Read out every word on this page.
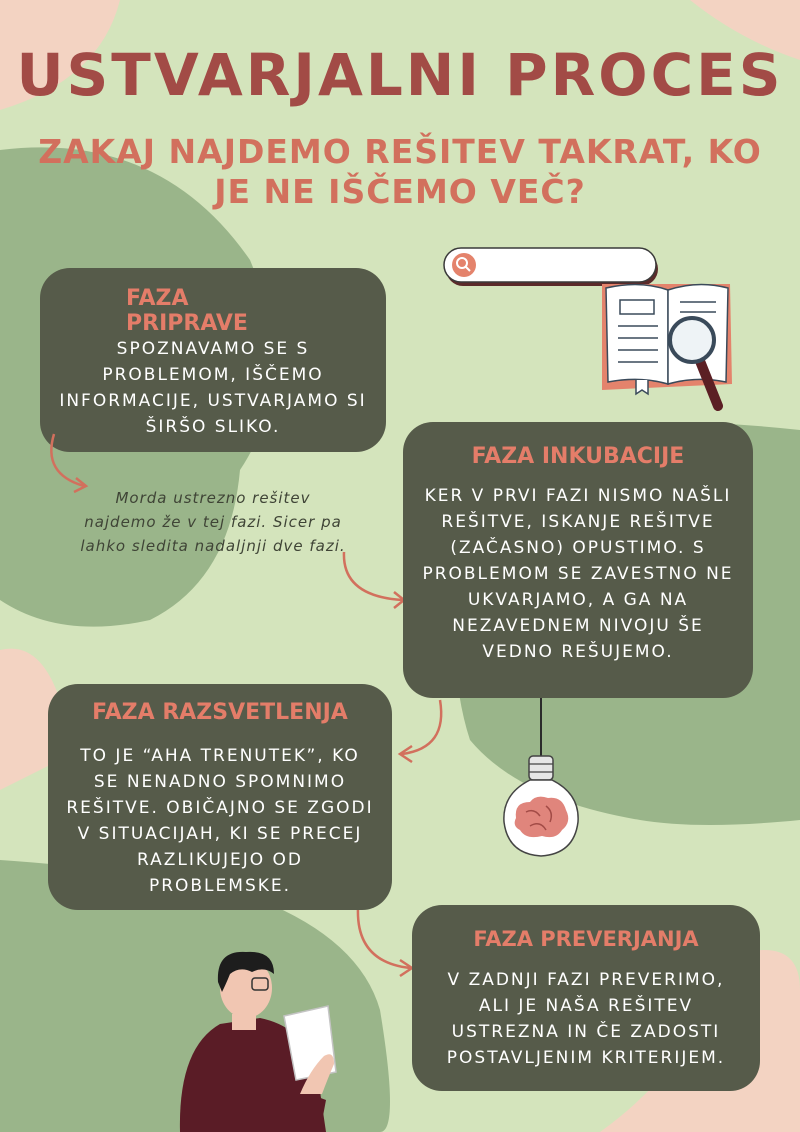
USTVARJALNI PROCES
ZAKAJ NAJDEMO REŠITEV TAKRAT, KO
JE NE IŠČEMO VEČ?
FAZA
PRIPRAVE
SPOZNAVAMO SE S PROBLEMOM, IŠČEMO INFORMACIJE, USTVARJAMO SI ŠIRŠO SLIKO.
Morda ustrezno rešitev
najdemo že v tej fazi. Sicer pa
lahko sledita nadaljnji dve fazi.
FAZA INKUBACIJE
KER V PRVI FAZI NISMO NAŠLI REŠITVE, ISKANJE REŠITVE (ZAČASNO) OPUSTIMO. S PROBLEMOM SE ZAVESTNO NE UKVARJAMO, A GA NA NEZAVEDNEM NIVOJU ŠE VEDNO REŠUJEMO.
FAZA RAZSVETLENJA
TO JE “AHA TRENUTEK”, KO SE NENADNO SPOMNIMO REŠITVE. OBIČAJNO SE ZGODI V SITUACIJAH, KI SE PRECEJ RAZLIKUJEJO OD PROBLEMSKE.
FAZA PREVERJANJA
V ZADNJI FAZI PREVERIMO, ALI JE NAŠA REŠITEV USTREZNA IN ČE ZADOSTI POSTAVLJENIM KRITERIJEM.
